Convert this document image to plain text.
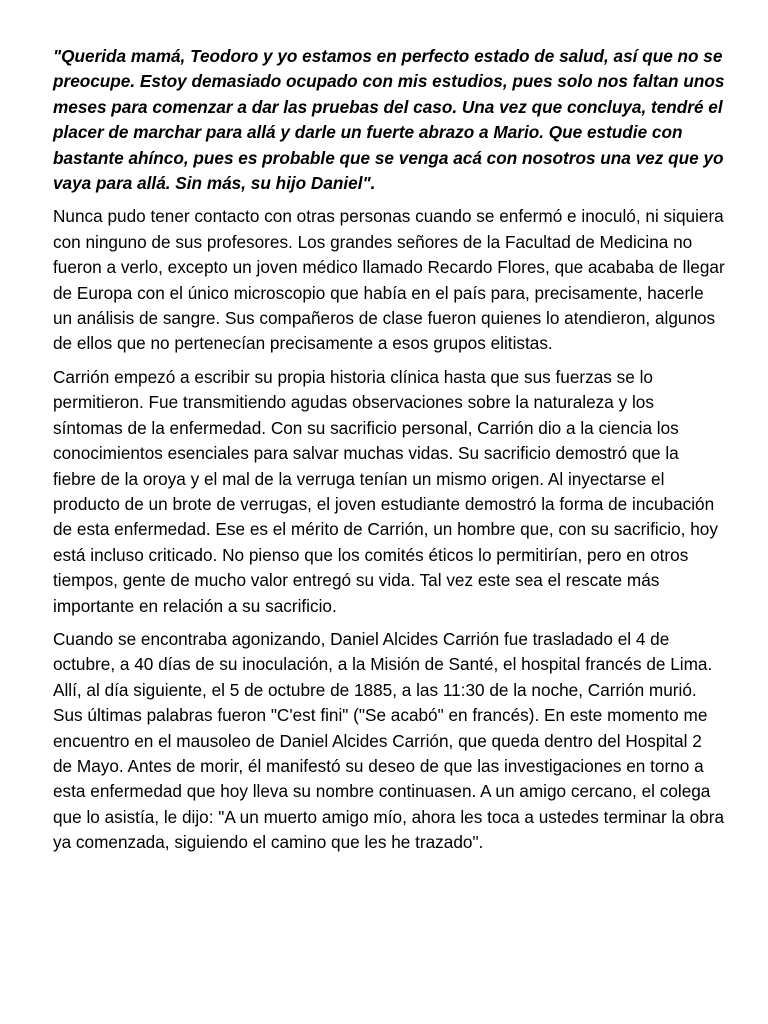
"Querida mamá, Teodoro y yo estamos en perfecto estado de salud, así que no se preocupe. Estoy demasiado ocupado con mis estudios, pues solo nos faltan unos meses para comenzar a dar las pruebas del caso. Una vez que concluya, tendré el placer de marchar para allá y darle un fuerte abrazo a Mario. Que estudie con bastante ahínco, pues es probable que se venga acá con nosotros una vez que yo vaya para allá. Sin más, su hijo Daniel".

Nunca pudo tener contacto con otras personas cuando se enfermó e inoculó, ni siquiera con ninguno de sus profesores. Los grandes señores de la Facultad de Medicina no fueron a verlo, excepto un joven médico llamado Recardo Flores, que acababa de llegar de Europa con el único microscopio que había en el país para, precisamente, hacerle un análisis de sangre. Sus compañeros de clase fueron quienes lo atendieron, algunos de ellos que no pertenecían precisamente a esos grupos elitistas.

Carrión empezó a escribir su propia historia clínica hasta que sus fuerzas se lo permitieron. Fue transmitiendo agudas observaciones sobre la naturaleza y los síntomas de la enfermedad. Con su sacrificio personal, Carrión dio a la ciencia los conocimientos esenciales para salvar muchas vidas. Su sacrificio demostró que la fiebre de la oroya y el mal de la verruga tenían un mismo origen. Al inyectarse el producto de un brote de verrugas, el joven estudiante demostró la forma de incubación de esta enfermedad. Ese es el mérito de Carrión, un hombre que, con su sacrificio, hoy está incluso criticado. No pienso que los comités éticos lo permitirían, pero en otros tiempos, gente de mucho valor entregó su vida. Tal vez este sea el rescate más importante en relación a su sacrificio.

Cuando se encontraba agonizando, Daniel Alcides Carrión fue trasladado el 4 de octubre, a 40 días de su inoculación, a la Misión de Santé, el hospital francés de Lima. Allí, al día siguiente, el 5 de octubre de 1885, a las 11:30 de la noche, Carrión murió. Sus últimas palabras fueron "C'est fini" ("Se acabó" en francés). En este momento me encuentro en el mausoleo de Daniel Alcides Carrión, que queda dentro del Hospital 2 de Mayo. Antes de morir, él manifestó su deseo de que las investigaciones en torno a esta enfermedad que hoy lleva su nombre continuasen. A un amigo cercano, el colega que lo asistía, le dijo: "A un muerto amigo mío, ahora les toca a ustedes terminar la obra ya comenzada, siguiendo el camino que les he trazado".
